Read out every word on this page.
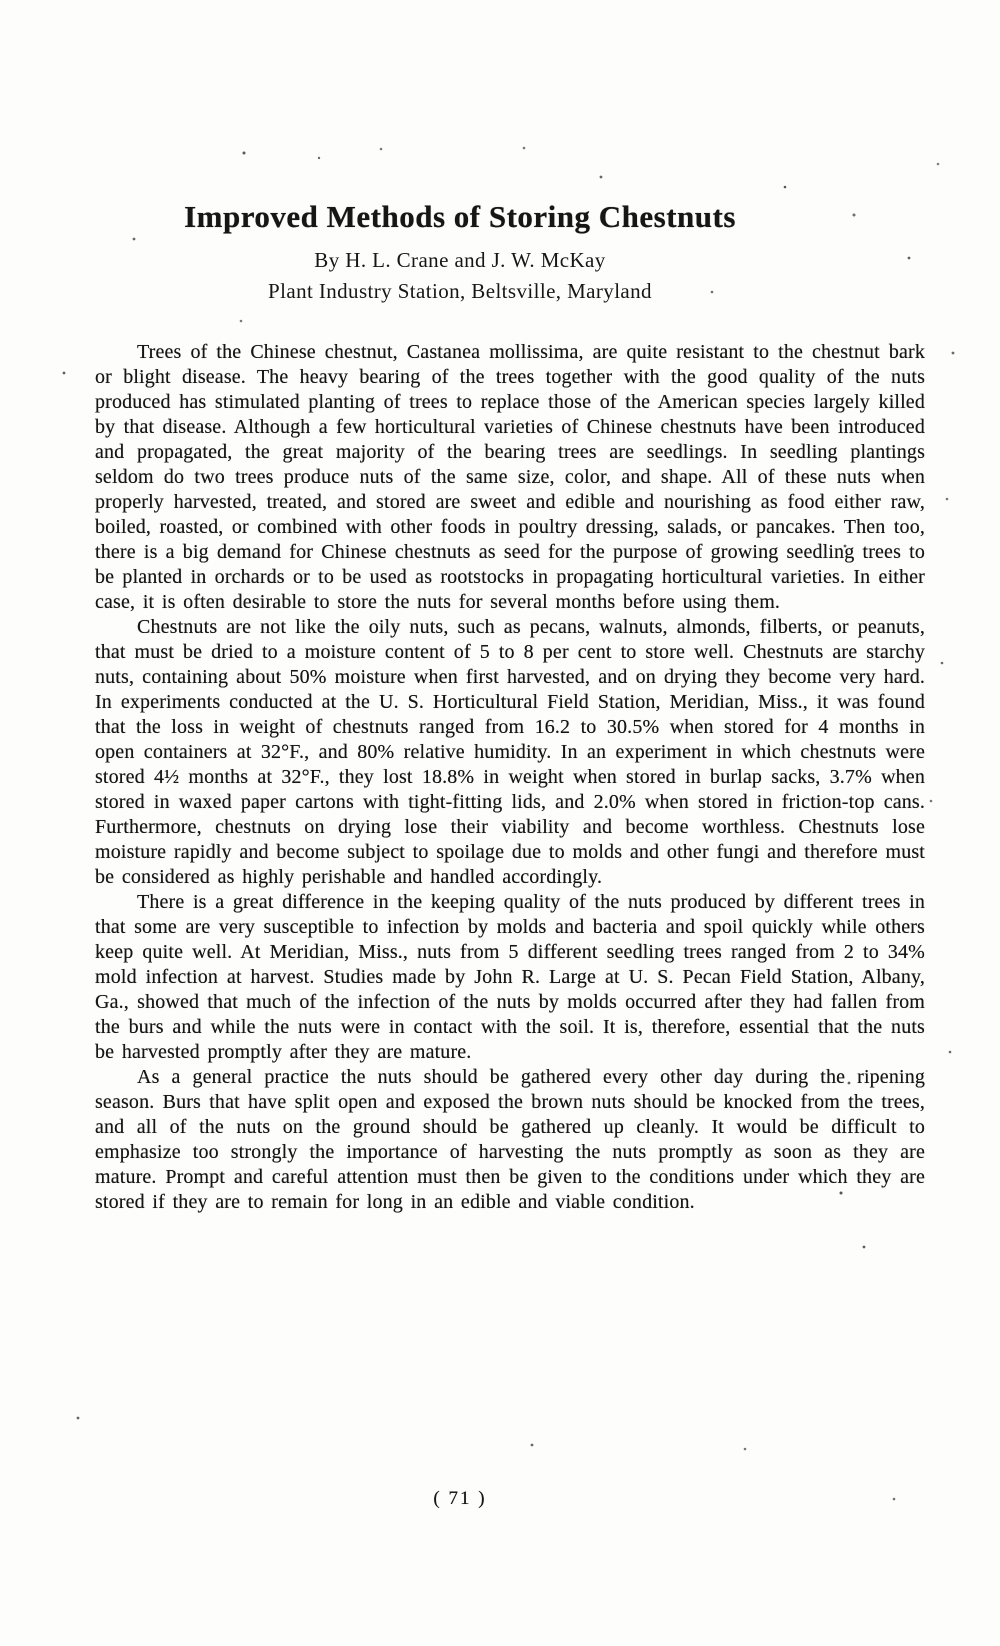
Improved Methods of Storing Chestnuts

By H. L. Crane and J. W. McKay

Plant Industry Station, Beltsville, Maryland

Trees of the Chinese chestnut, Castanea mollissima, are quite resistant to the chestnut bark or blight disease. The heavy bearing of the trees together with the good quality of the nuts produced has stimulated planting of trees to replace those of the American species largely killed by that disease. Although a few horticultural varieties of Chinese chestnuts have been introduced and propagated, the great majority of the bearing trees are seedlings. In seedling plantings seldom do two trees produce nuts of the same size, color, and shape. All of these nuts when properly harvested, treated, and stored are sweet and edible and nourishing as food either raw, boiled, roasted, or combined with other foods in poultry dressing, salads, or pancakes. Then too, there is a big demand for Chinese chestnuts as seed for the purpose of growing seedling trees to be planted in orchards or to be used as rootstocks in propagating horticultural varieties. In either case, it is often desirable to store the nuts for several months before using them.

Chestnuts are not like the oily nuts, such as pecans, walnuts, almonds, filberts, or peanuts, that must be dried to a moisture content of 5 to 8 per cent to store well. Chestnuts are starchy nuts, containing about 50% moisture when first harvested, and on drying they become very hard. In experiments conducted at the U. S. Horticultural Field Station, Meridian, Miss., it was found that the loss in weight of chestnuts ranged from 16.2 to 30.5% when stored for 4 months in open containers at 32°F., and 80% relative humidity. In an experiment in which chestnuts were stored 4½ months at 32°F., they lost 18.8% in weight when stored in burlap sacks, 3.7% when stored in waxed paper cartons with tight-fitting lids, and 2.0% when stored in friction-top cans. Furthermore, chestnuts on drying lose their viability and become worthless. Chestnuts lose moisture rapidly and become subject to spoilage due to molds and other fungi and therefore must be considered as highly perishable and handled accordingly.

There is a great difference in the keeping quality of the nuts produced by different trees in that some are very susceptible to infection by molds and bacteria and spoil quickly while others keep quite well. At Meridian, Miss., nuts from 5 different seedling trees ranged from 2 to 34% mold infection at harvest. Studies made by John R. Large at U. S. Pecan Field Station, Albany, Ga., showed that much of the infection of the nuts by molds occurred after they had fallen from the burs and while the nuts were in contact with the soil. It is, therefore, essential that the nuts be harvested promptly after they are mature.

As a general practice the nuts should be gathered every other day during the ripening season. Burs that have split open and exposed the brown nuts should be knocked from the trees, and all of the nuts on the ground should be gathered up cleanly. It would be difficult to emphasize too strongly the importance of harvesting the nuts promptly as soon as they are mature. Prompt and careful attention must then be given to the conditions under which they are stored if they are to remain for long in an edible and viable condition.

( 71 )
